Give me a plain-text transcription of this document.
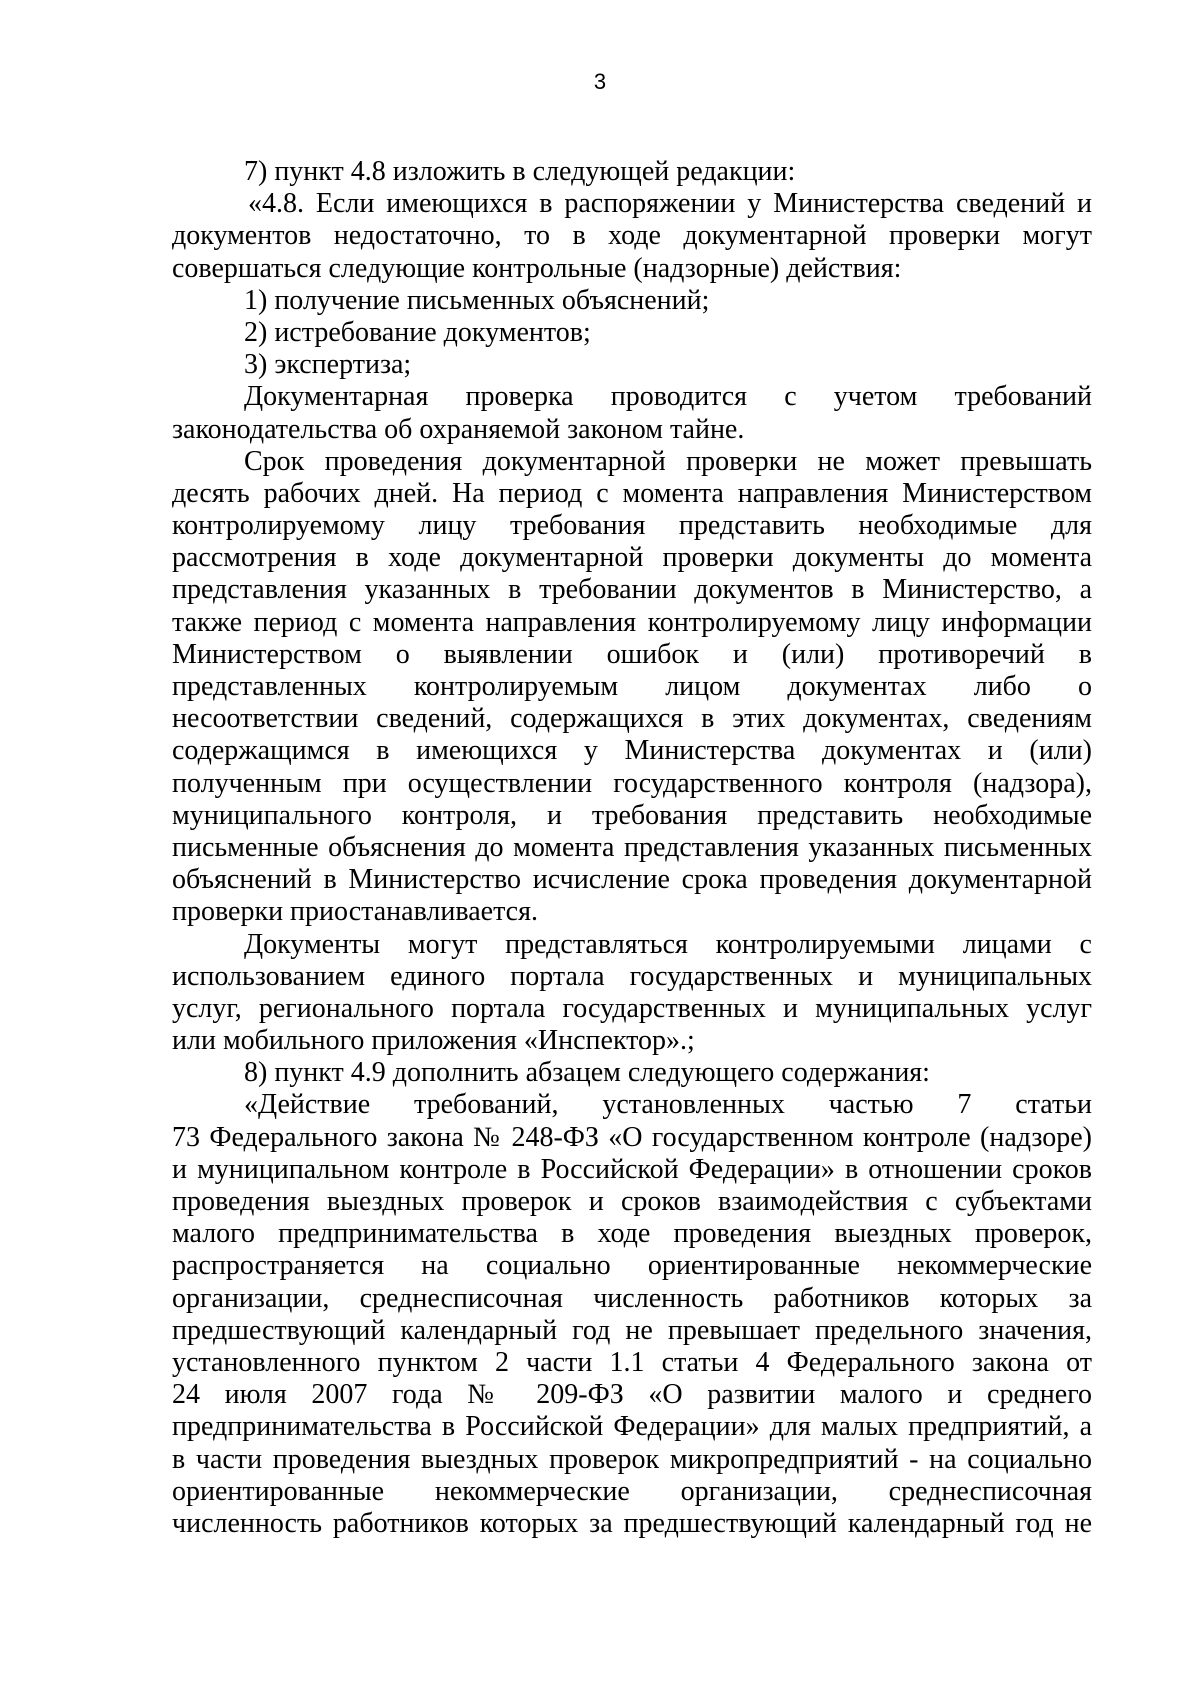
3
7) пункт 4.8 изложить в следующей редакции:
«4.8. Если имеющихся в распоряжении у Министерства сведений и
документов недостаточно, то в ходе документарной проверки могут
совершаться следующие контрольные (надзорные) действия:
1) получение письменных объяснений;
2) истребование документов;
3) экспертиза;
Документарная проверка проводится с учетом требований
законодательства об охраняемой законом тайне.
Срок проведения документарной проверки не может превышать
десять рабочих дней. На период с момента направления Министерством
контролируемому лицу требования представить необходимые для
рассмотрения в ходе документарной проверки документы до момента
представления указанных в требовании документов в Министерство, а
также период с момента направления контролируемому лицу информации
Министерством о выявлении ошибок и (или) противоречий в
представленных контролируемым лицом документах либо о
несоответствии сведений, содержащихся в этих документах, сведениям
содержащимся в имеющихся у Министерства документах и (или)
полученным при осуществлении государственного контроля (надзора),
муниципального контроля, и требования представить необходимые
письменные объяснения до момента представления указанных письменных
объяснений в Министерство исчисление срока проведения документарной
проверки приостанавливается.
Документы могут представляться контролируемыми лицами с
использованием единого портала государственных и муниципальных
услуг, регионального портала государственных и муниципальных услуг
или мобильного приложения «Инспектор».;
8) пункт 4.9 дополнить абзацем следующего содержания:
«Действие требований, установленных частью 7 статьи
73 Федерального закона № 248-ФЗ «О государственном контроле (надзоре)
и муниципальном контроле в Российской Федерации» в отношении сроков
проведения выездных проверок и сроков взаимодействия с субъектами
малого предпринимательства в ходе проведения выездных проверок,
распространяется на социально ориентированные некоммерческие
организации, среднесписочная численность работников которых за
предшествующий календарный год не превышает предельного значения,
установленного пунктом 2 части 1.1 статьи 4 Федерального закона от
24 июля 2007 года № 209-ФЗ «О развитии малого и среднего
предпринимательства в Российской Федерации» для малых предприятий, а
в части проведения выездных проверок микропредприятий - на социально
ориентированные некоммерческие организации, среднесписочная
численность работников которых за предшествующий календарный год не
